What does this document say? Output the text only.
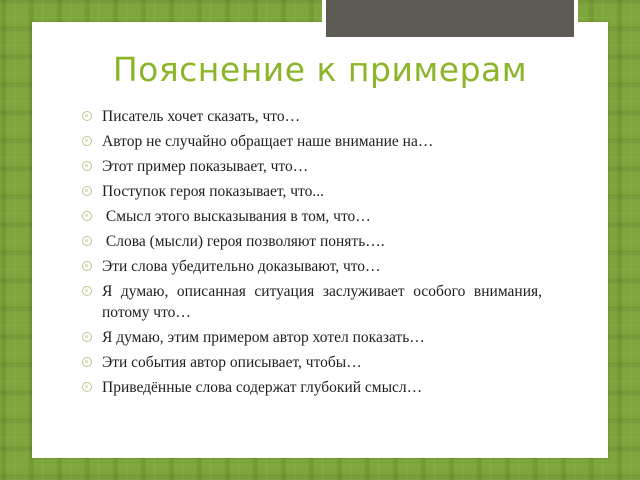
Пояснение к примерам
Писатель хочет сказать, что…
Автор не случайно обращает наше внимание на…
Этот пример показывает, что…
Поступок героя показывает, что...
Смысл этого высказывания в том, что…
Слова (мысли) героя позволяют понять….
Эти слова убедительно доказывают, что…
Я думаю, описанная ситуация заслуживает особого внимания, потому что…
Я думаю, этим примером автор хотел показать…
Эти события автор описывает, чтобы…
Приведённые слова содержат глубокий смысл…
